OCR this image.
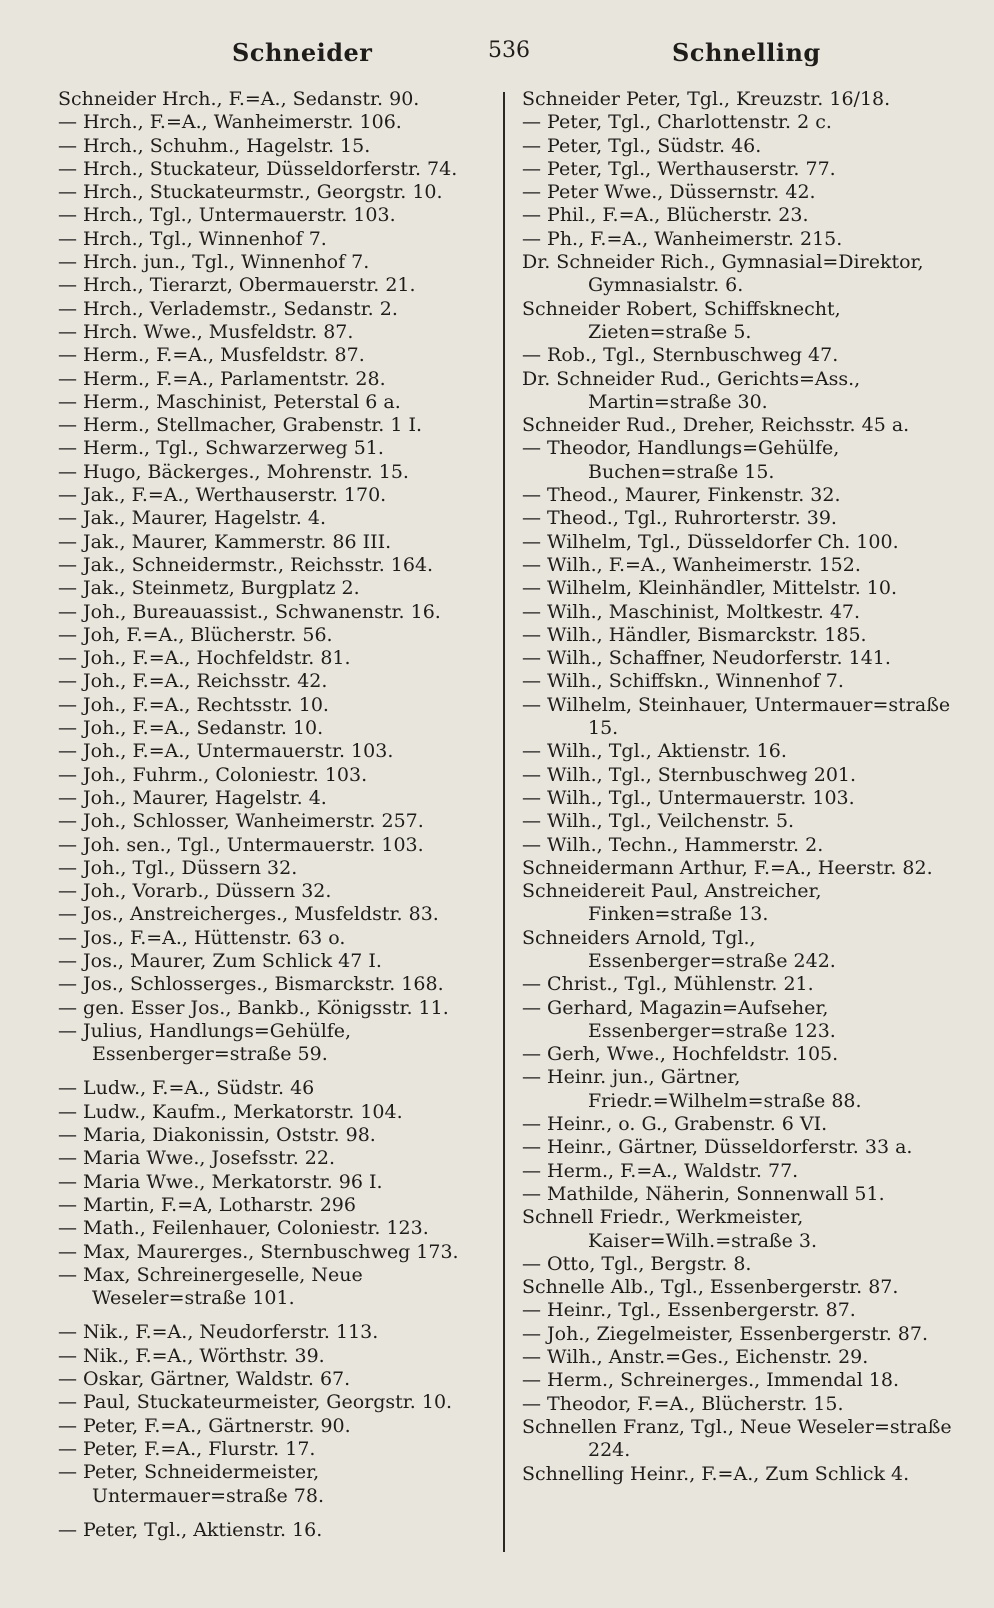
Schneider	536	Schnelling
Schneider Hrch., F.=A., Sedanstr. 90.
— Hrch., F.=A., Wanheimerstr. 106.
— Hrch., Schuhm., Hagelstr. 15.
— Hrch., Stuckateur, Düsseldorferstr. 74.
— Hrch., Stuckateurmstr., Georgstr. 10.
— Hrch., Tgl., Untermauerstr. 103.
— Hrch., Tgl., Winnenhof 7.
— Hrch. jun., Tgl., Winnenhof 7.
— Hrch., Tierarzt, Obermauerstr. 21.
— Hrch., Verlademstr., Sedanstr. 2.
— Hrch. Wwe., Musfeldstr. 87.
— Herm., F.=A., Musfeldstr. 87.
— Herm., F.=A., Parlamentstr. 28.
— Herm., Maschinist, Peterstal 6 a.
— Herm., Stellmacher, Grabenstr. 1 I.
— Herm., Tgl., Schwarzerweg 51.
— Hugo, Bäckerges., Mohrenstr. 15.
— Jak., F.=A., Werthauserstr. 170.
— Jak., Maurer, Hagelstr. 4.
— Jak., Maurer, Kammerstr. 86 III.
— Jak., Schneidermstr., Reichsstr. 164.
— Jak., Steinmetz, Burgplatz 2.
— Joh., Bureauassist., Schwanenstr. 16.
— Joh, F.=A., Blücherstr. 56.
— Joh., F.=A., Hochfeldstr. 81.
— Joh., F.=A., Reichsstr. 42.
— Joh., F.=A., Rechtsstr. 10.
— Joh., F.=A., Sedanstr. 10.
— Joh., F.=A., Untermauerstr. 103.
— Joh., Fuhrm., Coloniestr. 103.
— Joh., Maurer, Hagelstr. 4.
— Joh., Schlosser, Wanheimerstr. 257.
— Joh. sen., Tgl., Untermauerstr. 103.
— Joh., Tgl., Düssern 32.
— Joh., Vorarb., Düssern 32.
— Jos., Anstreicherges., Musfeldstr. 83.
— Jos., F.=A., Hüttenstr. 63 o.
— Jos., Maurer, Zum Schlick 47 I.
— Jos., Schlosserges., Bismarckstr. 168.
— gen. Esser Jos., Bankb., Königsstr. 11.
— Julius, Handlungs=Gehülfe, Essenberger=straße 59.
— Ludw., F.=A., Südstr. 46
— Ludw., Kaufm., Merkatorstr. 104.
— Maria, Diakonissin, Oststr. 98.
— Maria Wwe., Josefsstr. 22.
— Maria Wwe., Merkatorstr. 96 I.
— Martin, F.=A, Lotharstr. 296
— Math., Feilenhauer, Coloniestr. 123.
— Max, Maurerges., Sternbuschweg 173.
— Max, Schreinergeselle, Neue Weseler=straße 101.
— Nik., F.=A., Neudorferstr. 113.
— Nik., F.=A., Wörthstr. 39.
— Oskar, Gärtner, Waldstr. 67.
— Paul, Stuckateurmeister, Georgstr. 10.
— Peter, F.=A., Gärtnerstr. 90.
— Peter, F.=A., Flurstr. 17.
— Peter, Schneidermeister, Untermauer=straße 78.
— Peter, Tgl., Aktienstr. 16.
Schneider Peter, Tgl., Kreuzstr. 16/18.
— Peter, Tgl., Charlottenstr. 2 c.
— Peter, Tgl., Südstr. 46.
— Peter, Tgl., Werthauserstr. 77.
— Peter Wwe., Düssernstr. 42.
— Phil., F.=A., Blücherstr. 23.
— Ph., F.=A., Wanheimerstr. 215.
Dr. Schneider Rich., Gymnasial=Direktor, Gymnasialstr. 6.
Schneider Robert, Schiffsknecht, Zieten=straße 5.
— Rob., Tgl., Sternbuschweg 47.
Dr. Schneider Rud., Gerichts=Ass., Martin=straße 30.
Schneider Rud., Dreher, Reichsstr. 45 a.
— Theodor, Handlungs=Gehülfe, Buchen=straße 15.
— Theod., Maurer, Finkenstr. 32.
— Theod., Tgl., Ruhrorterstr. 39.
— Wilhelm, Tgl., Düsseldorfer Ch. 100.
— Wilh., F.=A., Wanheimerstr. 152.
— Wilhelm, Kleinhändler, Mittelstr. 10.
— Wilh., Maschinist, Moltkestr. 47.
— Wilh., Händler, Bismarckstr. 185.
— Wilh., Schaffner, Neudorferstr. 141.
— Wilh., Schiffskn., Winnenhof 7.
— Wilhelm, Steinhauer, Untermauer=straße 15.
— Wilh., Tgl., Aktienstr. 16.
— Wilh., Tgl., Sternbuschweg 201.
— Wilh., Tgl., Untermauerstr. 103.
— Wilh., Tgl., Veilchenstr. 5.
— Wilh., Techn., Hammerstr. 2.
Schneidermann Arthur, F.=A., Heerstr. 82.
Schneidereit Paul, Anstreicher, Finken=straße 13.
Schneiders Arnold, Tgl., Essenberger=straße 242.
— Christ., Tgl., Mühlenstr. 21.
— Gerhard, Magazin=Aufseher, Essenberger=straße 123.
— Gerh, Wwe., Hochfeldstr. 105.
— Heinr. jun., Gärtner, Friedr.=Wilhelm=straße 88.
— Heinr., o. G., Grabenstr. 6 VI.
— Heinr., Gärtner, Düsseldorferstr. 33 a.
— Herm., F.=A., Waldstr. 77.
— Mathilde, Näherin, Sonnenwall 51.
Schnell Friedr., Werkmeister, Kaiser=Wilh.=straße 3.
— Otto, Tgl., Bergstr. 8.
Schnelle Alb., Tgl., Essenbergerstr. 87.
— Heinr., Tgl., Essenbergerstr. 87.
— Joh., Ziegelmeister, Essenbergerstr. 87.
— Wilh., Anstr.=Ges., Eichenstr. 29.
— Herm., Schreinerges., Immendal 18.
— Theodor, F.=A., Blücherstr. 15.
Schnellen Franz, Tgl., Neue Weseler=straße 224.
Schnelling Heinr., F.=A., Zum Schlick 4.
